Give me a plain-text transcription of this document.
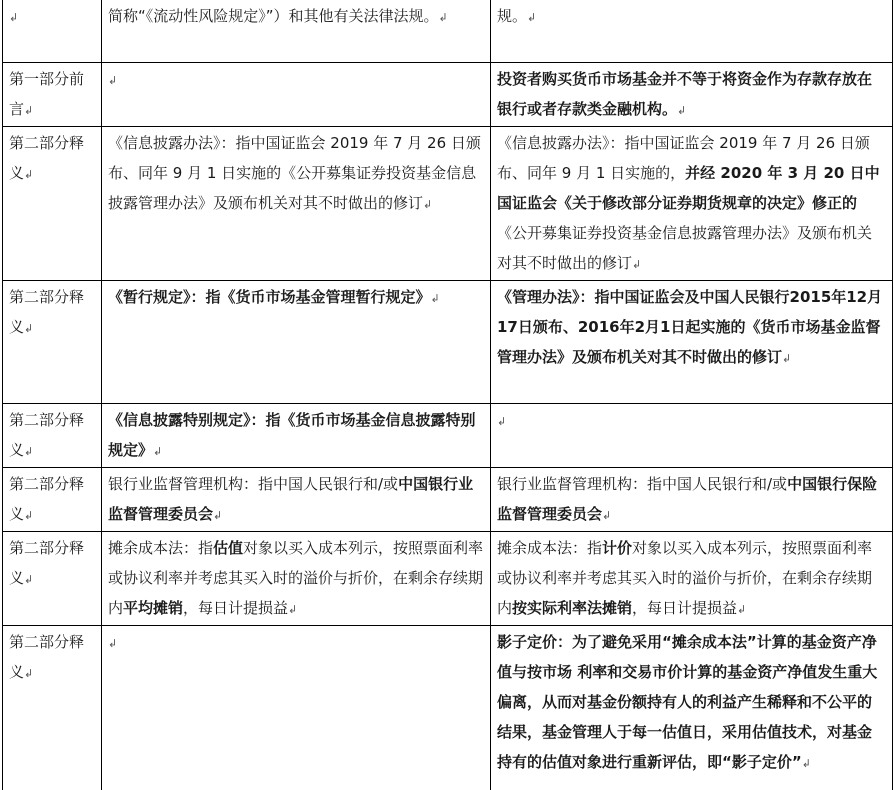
↲	简称“《流动性风险规定》”）和其他有关法律法规。↲	规。↲
第一部分前言↲	↲	投资者购买货币市场基金并不等于将资金作为存款存放在银行或者存款类金融机构。↲
第二部分释义↲	《信息披露办法》：指中国证监会 2019 年 7 月 26 日颁布、同年 9 月 1 日实施的《公开募集证券投资基金信息披露管理办法》及颁布机关对其不时做出的修订↲	《信息披露办法》：指中国证监会 2019 年 7 月 26 日颁布、同年 9 月 1 日实施的，并经 2020 年 3 月 20 日中国证监会《关于修改部分证券期货规章的决定》修正的《公开募集证券投资基金信息披露管理办法》及颁布机关对其不时做出的修订↲
第二部分释义↲	《暂行规定》：指《货币市场基金管理暂行规定》↲	《管理办法》：指中国证监会及中国人民银行2015年12月17日颁布、2016年2月1日起实施的《货币市场基金监督管理办法》及颁布机关对其不时做出的修订↲
第二部分释义↲	《信息披露特别规定》：指《货币市场基金信息披露特别规定》↲	↲
第二部分释义↲	银行业监督管理机构：指中国人民银行和/或中国银行业监督管理委员会↲	银行业监督管理机构：指中国人民银行和/或中国银行保险监督管理委员会↲
第二部分释义↲	摊余成本法：指估值对象以买入成本列示，按照票面利率或协议利率并考虑其买入时的溢价与折价，在剩余存续期内平均摊销，每日计提损益↲	摊余成本法：指计价对象以买入成本列示，按照票面利率或协议利率并考虑其买入时的溢价与折价，在剩余存续期内按实际利率法摊销，每日计提损益↲
第二部分释义↲	↲	影子定价：为了避免采用“摊余成本法”计算的基金资产净值与按市场 利率和交易市价计算的基金资产净值发生重大偏离，从而对基金份额持有人的利益产生稀释和不公平的结果，基金管理人于每一估值日，采用估值技术，对基金持有的估值对象进行重新评估，即“影子定价”↲
